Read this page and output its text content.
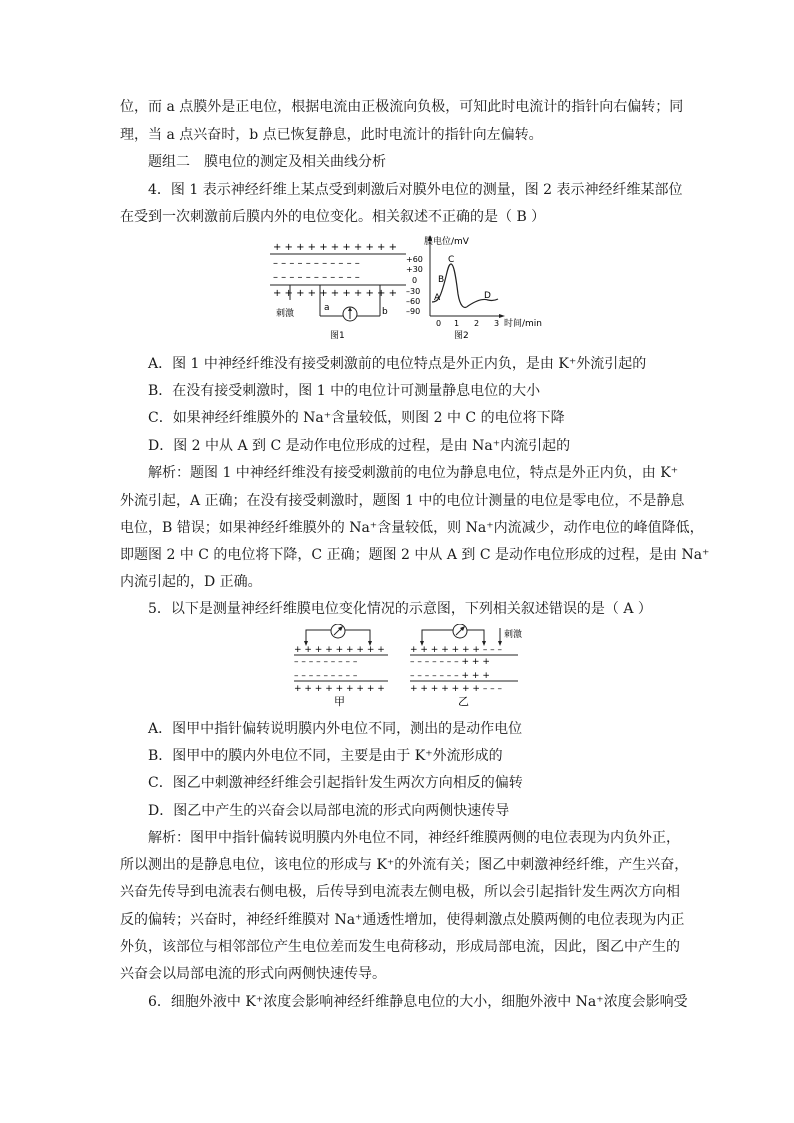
位，而 a 点膜外是正电位，根据电流由正极流向负极，可知此时电流计的指针向右偏转；同
理，当 a 点兴奋时，b 点已恢复静息，此时电流计的指针向左偏转。
题组二　膜电位的测定及相关曲线分析
4．图 1 表示神经纤维上某点受到刺激后对膜外电位的测量，图 2 表示神经纤维某部位
在受到一次刺激前后膜内外的电位变化。相关叙述不正确的是（ B ）
+ + + + + + + + + + +
– – – – – – – – – – –
– – – – – – – – – – –
+ + + + + + + + + + +
a	b
刺激
图1
膜电位/mV
+60
+30
0
–30
–60
–90
A
B
C
D
0 1 2 3 时间/min
图2
A．图 1 中神经纤维没有接受刺激前的电位特点是外正内负，是由 K⁺外流引起的
B．在没有接受刺激时，图 1 中的电位计可测量静息电位的大小
C．如果神经纤维膜外的 Na⁺含量较低，则图 2 中 C 的电位将下降
D．图 2 中从 A 到 C 是动作电位形成的过程，是由 Na⁺内流引起的
解析：题图 1 中神经纤维没有接受刺激前的电位为静息电位，特点是外正内负，由 K⁺
外流引起，A 正确；在没有接受刺激时，题图 1 中的电位计测量的电位是零电位，不是静息
电位，B 错误；如果神经纤维膜外的 Na⁺含量较低，则 Na⁺内流减少，动作电位的峰值降低，
即题图 2 中 C 的电位将下降，C 正确；题图 2 中从 A 到 C 是动作电位形成的过程，是由 Na⁺
内流引起的，D 正确。
5．以下是测量神经纤维膜电位变化情况的示意图，下列相关叙述错误的是（ A ）
+ + + + + + + + +
– – – – – – – – –
– – – – – – – – –
+ + + + + + + + +
甲
刺激
+ + + + + + + – – –
– – – – – – – + + +
– – – – – – – + + +
+ + + + + + + – – –
乙
A．图甲中指针偏转说明膜内外电位不同，测出的是动作电位
B．图甲中的膜内外电位不同，主要是由于 K⁺外流形成的
C．图乙中刺激神经纤维会引起指针发生两次方向相反的偏转
D．图乙中产生的兴奋会以局部电流的形式向两侧快速传导
解析：图甲中指针偏转说明膜内外电位不同，神经纤维膜两侧的电位表现为内负外正，
所以测出的是静息电位，该电位的形成与 K⁺的外流有关；图乙中刺激神经纤维，产生兴奋，
兴奋先传导到电流表右侧电极，后传导到电流表左侧电极，所以会引起指针发生两次方向相
反的偏转；兴奋时，神经纤维膜对 Na⁺通透性增加，使得刺激点处膜两侧的电位表现为内正
外负，该部位与相邻部位产生电位差而发生电荷移动，形成局部电流，因此，图乙中产生的
兴奋会以局部电流的形式向两侧快速传导。
6．细胞外液中 K⁺浓度会影响神经纤维静息电位的大小，细胞外液中 Na⁺浓度会影响受
